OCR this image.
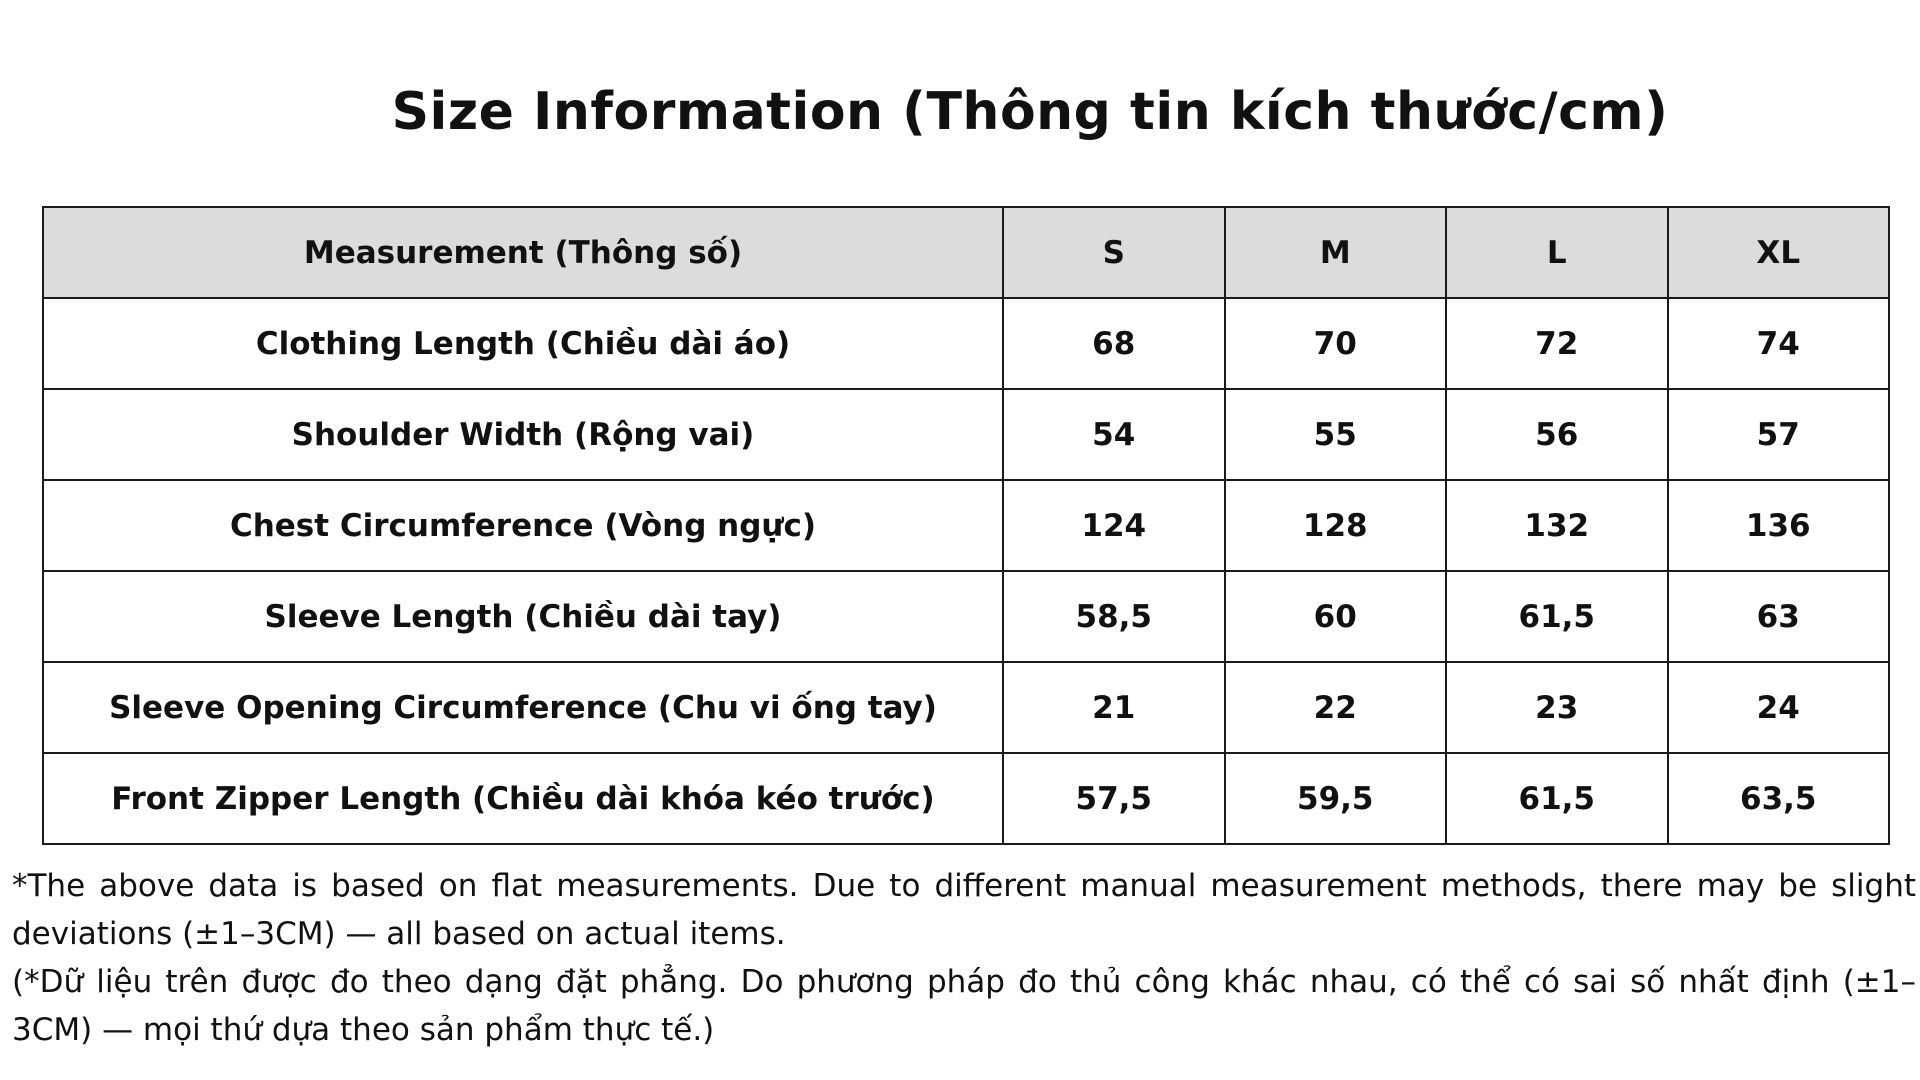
Size Information (Thông tin kích thước/cm)
Measurement (Thông số)	S	M	L	XL
Clothing Length (Chiều dài áo)	68	70	72	74
Shoulder Width (Rộng vai)	54	55	56	57
Chest Circumference (Vòng ngực)	124	128	132	136
Sleeve Length (Chiều dài tay)	58,5	60	61,5	63
Sleeve Opening Circumference (Chu vi ống tay)	21	22	23	24
Front Zipper Length (Chiều dài khóa kéo trước)	57,5	59,5	61,5	63,5

*The above data is based on flat measurements. Due to different manual measurement methods, there may be slight deviations (±1–3CM) — all based on actual items.

(*Dữ liệu trên được đo theo dạng đặt phẳng. Do phương pháp đo thủ công khác nhau, có thể có sai số nhất định (±1–3CM) — mọi thứ dựa theo sản phẩm thực tế.)
